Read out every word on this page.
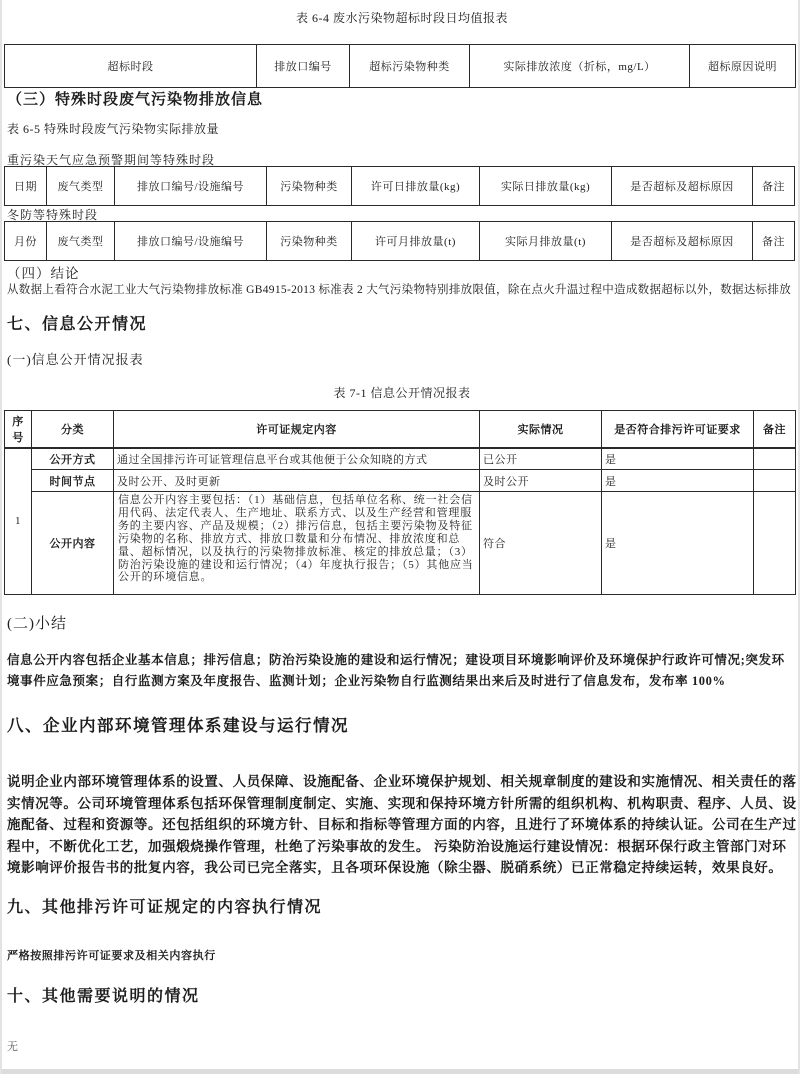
表 6-4 废水污染物超标时段日均值报表
超标时段	排放口编号	超标污染物种类	实际排放浓度（折标，mg/L）	超标原因说明
（三）特殊时段废气污染物排放信息
表 6-5 特殊时段废气污染物实际排放量
重污染天气应急预警期间等特殊时段
日期	废气类型	排放口编号/设施编号	污染物种类	许可日排放量(kg)	实际日排放量(kg)	是否超标及超标原因	备注
冬防等特殊时段
月份	废气类型	排放口编号/设施编号	污染物种类	许可月排放量(t)	实际月排放量(t)	是否超标及超标原因	备注
（四）结论
从数据上看符合水泥工业大气污染物排放标准 GB4915-2013 标准表 2 大气污染物特别排放限值，除在点火升温过程中造成数据超标以外，数据达标排放
七、信息公开情况
(一)信息公开情况报表
表 7-1 信息公开情况报表
序号	分类	许可证规定内容	实际情况	是否符合排污许可证要求	备注
1	公开方式	通过全国排污许可证管理信息平台或其他便于公众知晓的方式	已公开	是	
	时间节点	及时公开、及时更新	及时公开	是	
	公开内容	信息公开内容主要包括：（1）基础信息，包括单位名称、统一社会信用代码、法定代表人、生产地址、联系方式、以及生产经营和管理服务的主要内容、产品及规模；（2）排污信息，包括主要污染物及特征污染物的名称、排放方式、排放口数量和分布情况、排放浓度和总量、超标情况，以及执行的污染物排放标准、核定的排放总量；（3）防治污染设施的建设和运行情况；（4）年度执行报告；（5）其他应当公开的环境信息。	符合	是	
(二)小结
信息公开内容包括企业基本信息；排污信息；防治污染设施的建设和运行情况；建设项目环境影响评价及环境保护行政许可情况;突发环境事件应急预案；自行监测方案及年度报告、监测计划；企业污染物自行监测结果出来后及时进行了信息发布，发布率 100%
八、企业内部环境管理体系建设与运行情况
说明企业内部环境管理体系的设置、人员保障、设施配备、企业环境保护规划、相关规章制度的建设和实施情况、相关责任的落实情况等。公司环境管理体系包括环保管理制度制定、实施、实现和保持环境方针所需的组织机构、机构职责、程序、人员、设施配备、过程和资源等。还包括组织的环境方针、目标和指标等管理方面的内容，且进行了环境体系的持续认证。公司在生产过程中，不断优化工艺，加强煅烧操作管理，杜绝了污染事故的发生。 污染防治设施运行建设情况：根据环保行政主管部门对环境影响评价报告书的批复内容，我公司已完全落实，且各项环保设施（除尘器、脱硝系统）已正常稳定持续运转，效果良好。
九、其他排污许可证规定的内容执行情况
严格按照排污许可证要求及相关内容执行
十、其他需要说明的情况
无
